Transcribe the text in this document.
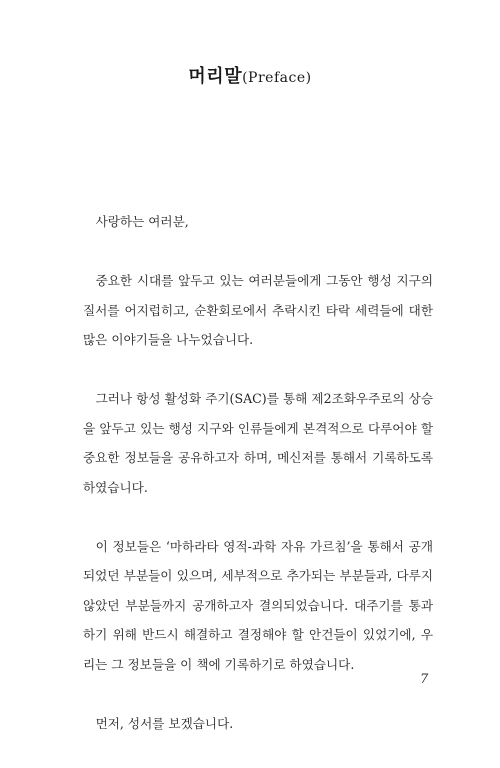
머리말(Preface)

사랑하는 여러분,

중요한 시대를 앞두고 있는 여러분들에게 그동안 행성 지구의 질서를 어지럽히고, 순환회로에서 추락시킨 타락 세력들에 대한 많은 이야기들을 나누었습니다.

그러나 항성 활성화 주기(SAC)를 통해 제2조화우주로의 상승을 앞두고 있는 행성 지구와 인류들에게 본격적으로 다루어야 할 중요한 정보들을 공유하고자 하며, 메신저를 통해서 기록하도록 하였습니다.

이 정보들은 ‘마하라타 영적-과학 자유 가르침’을 통해서 공개되었던 부분들이 있으며, 세부적으로 추가되는 부분들과, 다루지 않았던 부분들까지 공개하고자 결의되었습니다. 대주기를 통과하기 위해 반드시 해결하고 결정해야 할 안건들이 있었기에, 우리는 그 정보들을 이 책에 기록하기로 하였습니다.

먼저, 성서를 보겠습니다.

7
